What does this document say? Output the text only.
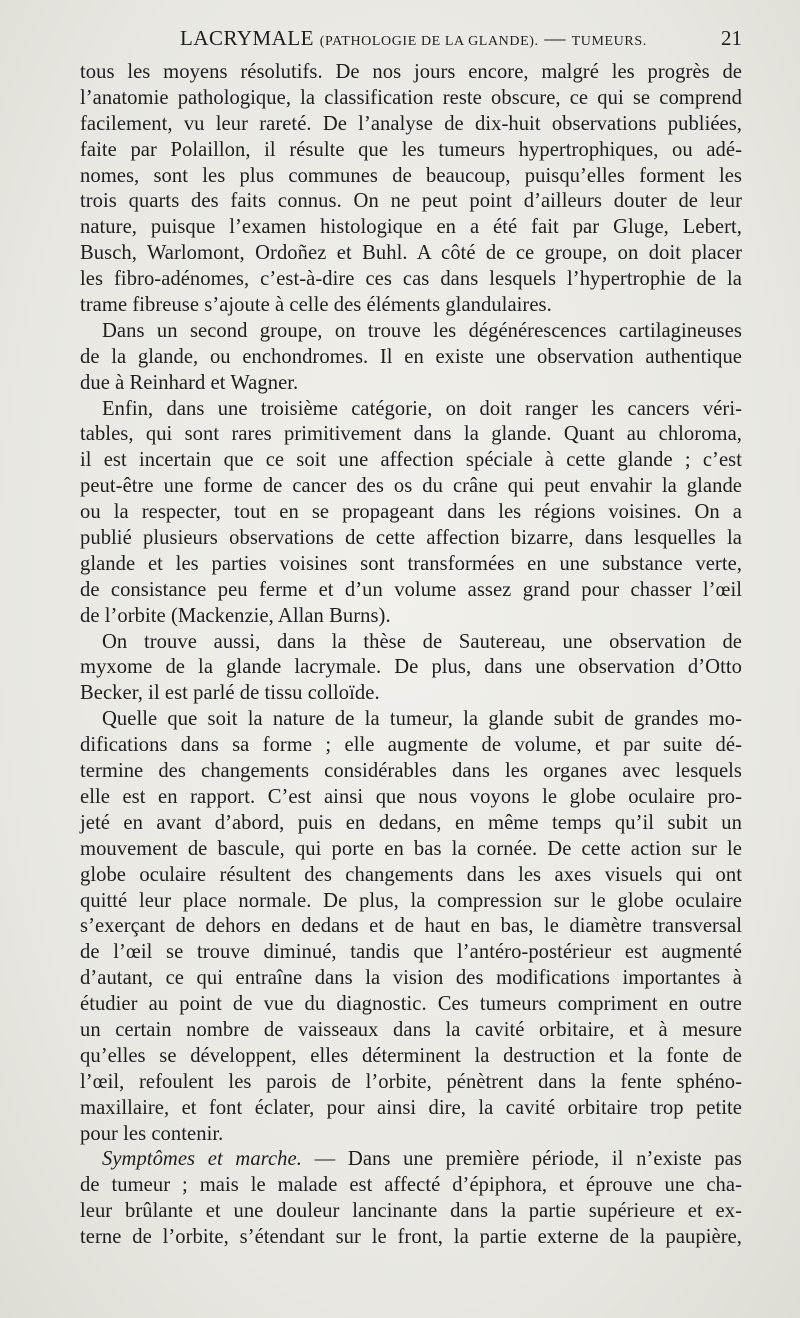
LACRYMALE (PATHOLOGIE DE LA GLANDE). — TUMEURS.	21
tous les moyens résolutifs. De nos jours encore, malgré les progrès de
l’anatomie pathologique, la classification reste obscure, ce qui se comprend
facilement, vu leur rareté. De l’analyse de dix-huit observations publiées,
faite par Polaillon, il résulte que les tumeurs hypertrophiques, ou adé-
nomes, sont les plus communes de beaucoup, puisqu’elles forment les
trois quarts des faits connus. On ne peut point d’ailleurs douter de leur
nature, puisque l’examen histologique en a été fait par Gluge, Lebert,
Busch, Warlomont, Ordoñez et Buhl. A côté de ce groupe, on doit placer
les fibro-adénomes, c’est-à-dire ces cas dans lesquels l’hypertrophie de la
trame fibreuse s’ajoute à celle des éléments glandulaires.
Dans un second groupe, on trouve les dégénérescences cartilagineuses
de la glande, ou enchondromes. Il en existe une observation authentique
due à Reinhard et Wagner.
Enfin, dans une troisième catégorie, on doit ranger les cancers véri-
tables, qui sont rares primitivement dans la glande. Quant au chloroma,
il est incertain que ce soit une affection spéciale à cette glande ; c’est
peut-être une forme de cancer des os du crâne qui peut envahir la glande
ou la respecter, tout en se propageant dans les régions voisines. On a
publié plusieurs observations de cette affection bizarre, dans lesquelles la
glande et les parties voisines sont transformées en une substance verte,
de consistance peu ferme et d’un volume assez grand pour chasser l’œil
de l’orbite (Mackenzie, Allan Burns).
On trouve aussi, dans la thèse de Sautereau, une observation de
myxome de la glande lacrymale. De plus, dans une observation d’Otto
Becker, il est parlé de tissu colloïde.
Quelle que soit la nature de la tumeur, la glande subit de grandes mo-
difications dans sa forme ; elle augmente de volume, et par suite dé-
termine des changements considérables dans les organes avec lesquels
elle est en rapport. C’est ainsi que nous voyons le globe oculaire pro-
jeté en avant d’abord, puis en dedans, en même temps qu’il subit un
mouvement de bascule, qui porte en bas la cornée. De cette action sur le
globe oculaire résultent des changements dans les axes visuels qui ont
quitté leur place normale. De plus, la compression sur le globe oculaire
s’exerçant de dehors en dedans et de haut en bas, le diamètre transversal
de l’œil se trouve diminué, tandis que l’antéro-postérieur est augmenté
d’autant, ce qui entraîne dans la vision des modifications importantes à
étudier au point de vue du diagnostic. Ces tumeurs compriment en outre
un certain nombre de vaisseaux dans la cavité orbitaire, et à mesure
qu’elles se développent, elles déterminent la destruction et la fonte de
l’œil, refoulent les parois de l’orbite, pénètrent dans la fente sphéno-
maxillaire, et font éclater, pour ainsi dire, la cavité orbitaire trop petite
pour les contenir.
Symptômes et marche. — Dans une première période, il n’existe pas
de tumeur ; mais le malade est affecté d’épiphora, et éprouve une cha-
leur brûlante et une douleur lancinante dans la partie supérieure et ex-
terne de l’orbite, s’étendant sur le front, la partie externe de la paupière,
